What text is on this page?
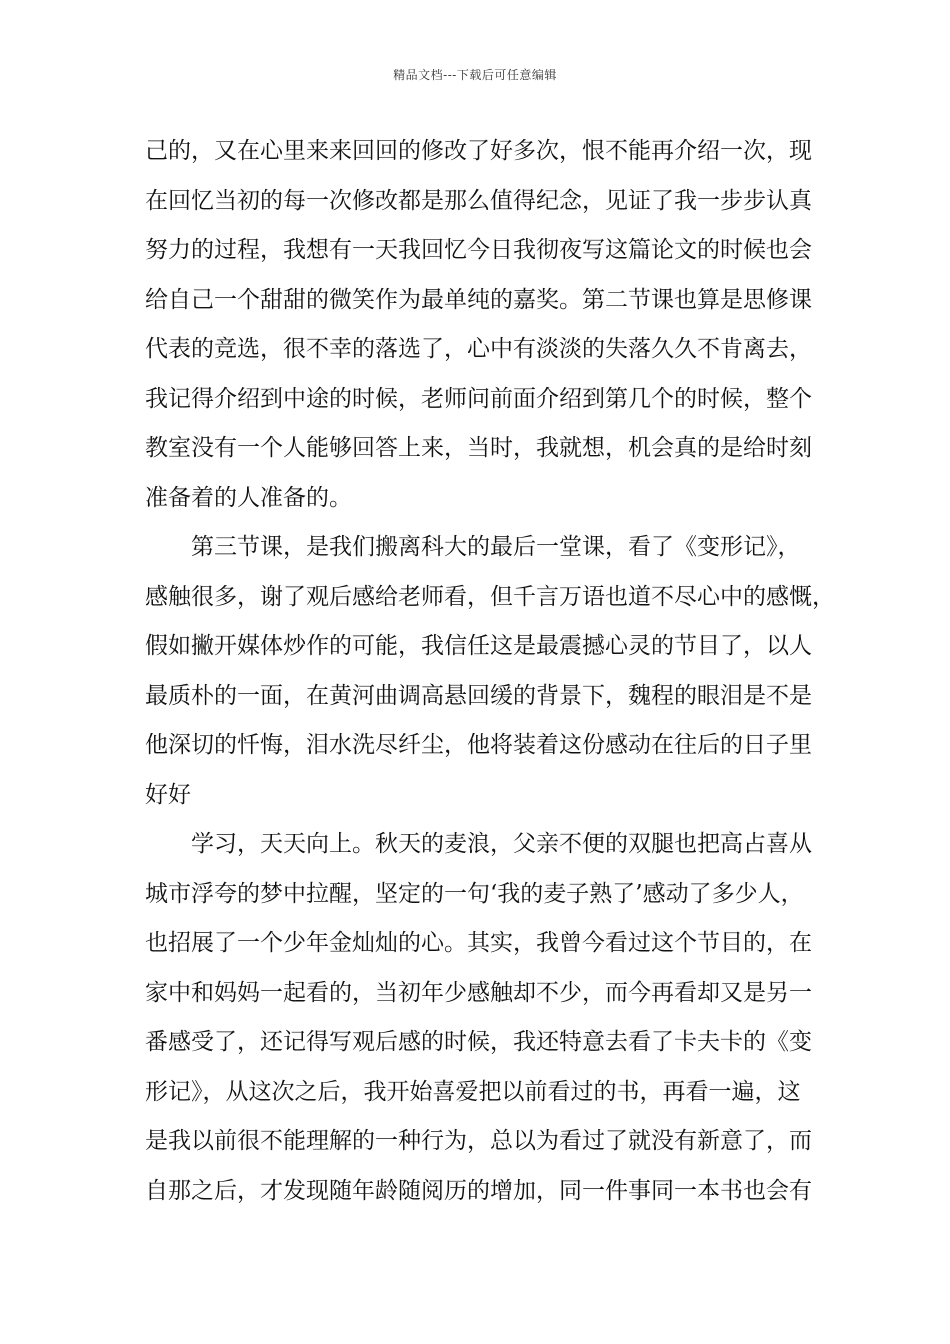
精品文档---下载后可任意编辑
己的，又在心里来来回回的修改了好多次，恨不能再介绍一次，现
在回忆当初的每一次修改都是那么值得纪念，见证了我一步步认真
努力的过程，我想有一天我回忆今日我彻夜写这篇论文的时候也会
给自己一个甜甜的微笑作为最单纯的嘉奖。第二节课也算是思修课
代表的竞选，很不幸的落选了，心中有淡淡的失落久久不肯离去，
我记得介绍到中途的时候，老师问前面介绍到第几个的时候，整个
教室没有一个人能够回答上来，当时，我就想，机会真的是给时刻
准备着的人准备的。
第三节课，是我们搬离科大的最后一堂课，看了《变形记》，
感触很多，谢了观后感给老师看，但千言万语也道不尽心中的感慨，
假如撇开媒体炒作的可能，我信任这是最震撼心灵的节目了，以人
最质朴的一面，在黄河曲调高悬回缓的背景下，魏程的眼泪是不是
他深切的忏悔，泪水洗尽纤尘，他将装着这份感动在往后的日子里
好好
学习，天天向上。秋天的麦浪，父亲不便的双腿也把高占喜从
城市浮夸的梦中拉醒，坚定的一句‘我的麦子熟了’感动了多少人，
也招展了一个少年金灿灿的心。其实，我曾今看过这个节目的，在
家中和妈妈一起看的，当初年少感触却不少，而今再看却又是另一
番感受了，还记得写观后感的时候，我还特意去看了卡夫卡的《变
形记》，从这次之后，我开始喜爱把以前看过的书，再看一遍，这
是我以前很不能理解的一种行为，总以为看过了就没有新意了，而
自那之后，才发现随年龄随阅历的增加，同一件事同一本书也会有
